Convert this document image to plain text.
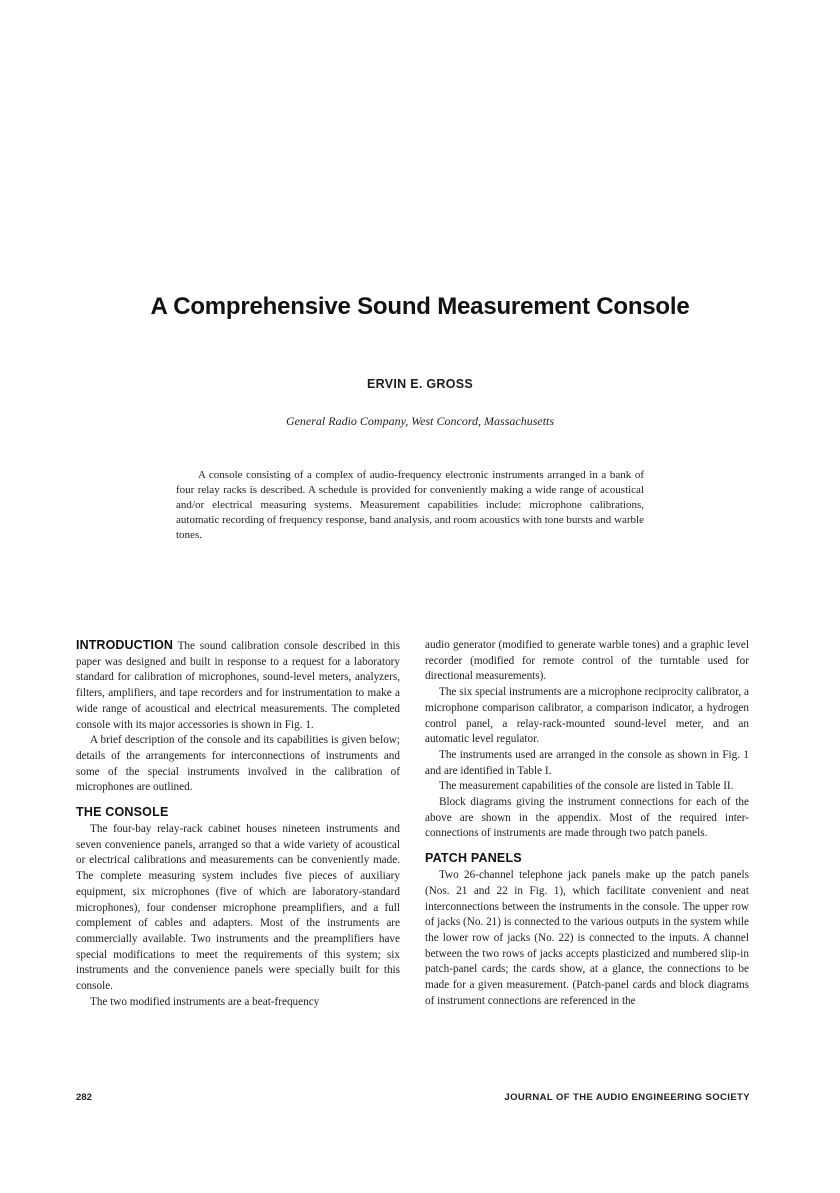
A Comprehensive Sound Measurement Console
ERVIN E. GROSS
General Radio Company, West Concord, Massachusetts

A console consisting of a complex of audio-frequency electronic instruments arranged in a bank of four relay racks is described. A schedule is provided for conveniently making a wide range of acoustical and/or electrical measuring systems. Measurement capabilities include: microphone calibrations, automatic recording of frequency response, band analysis, and room acoustics with tone bursts and warble tones.

INTRODUCTION The sound calibration console described in this paper was designed and built in response to a request for a laboratory standard for calibration of microphones, sound-level meters, analyzers, filters, amplifiers, and tape recorders and for instrumentation to make a wide range of acoustical and electrical measurements. The completed console with its major accessories is shown in Fig. 1.

A brief description of the console and its capabilities is given below; details of the arrangements for interconnections of instruments and some of the special instruments involved in the calibration of microphones are outlined.

THE CONSOLE

The four-bay relay-rack cabinet houses nineteen instruments and seven convenience panels, arranged so that a wide variety of acoustical or electrical calibrations and measurements can be conveniently made. The complete measuring system includes five pieces of auxiliary equipment, six microphones (five of which are laboratory-standard microphones), four condenser microphone preamplifiers, and a full complement of cables and adapters. Most of the instruments are commercially available. Two instruments and the preamplifiers have special modifications to meet the requirements of this system; six instruments and the convenience panels were specially built for this console.

The two modified instruments are a beat-frequency

audio generator (modified to generate warble tones) and a graphic level recorder (modified for remote control of the turntable used for directional measurements).

The six special instruments are a microphone reciprocity calibrator, a microphone comparison calibrator, a comparison indicator, a hydrogen control panel, a relay-rack-mounted sound-level meter, and an automatic level regulator.

The instruments used are arranged in the console as shown in Fig. 1 and are identified in Table I.

The measurement capabilities of the console are listed in Table II.

Block diagrams giving the instrument connections for each of the above are shown in the appendix. Most of the required inter-connections of instruments are made through two patch panels.

PATCH PANELS

Two 26-channel telephone jack panels make up the patch panels (Nos. 21 and 22 in Fig. 1), which facilitate convenient and neat interconnections between the instruments in the console. The upper row of jacks (No. 21) is connected to the various outputs in the system while the lower row of jacks (No. 22) is connected to the inputs. A channel between the two rows of jacks accepts plasticized and numbered slip-in patch-panel cards; the cards show, at a glance, the connections to be made for a given measurement. (Patch-panel cards and block diagrams of instrument connections are referenced in the

282	JOURNAL OF THE AUDIO ENGINEERING SOCIETY
